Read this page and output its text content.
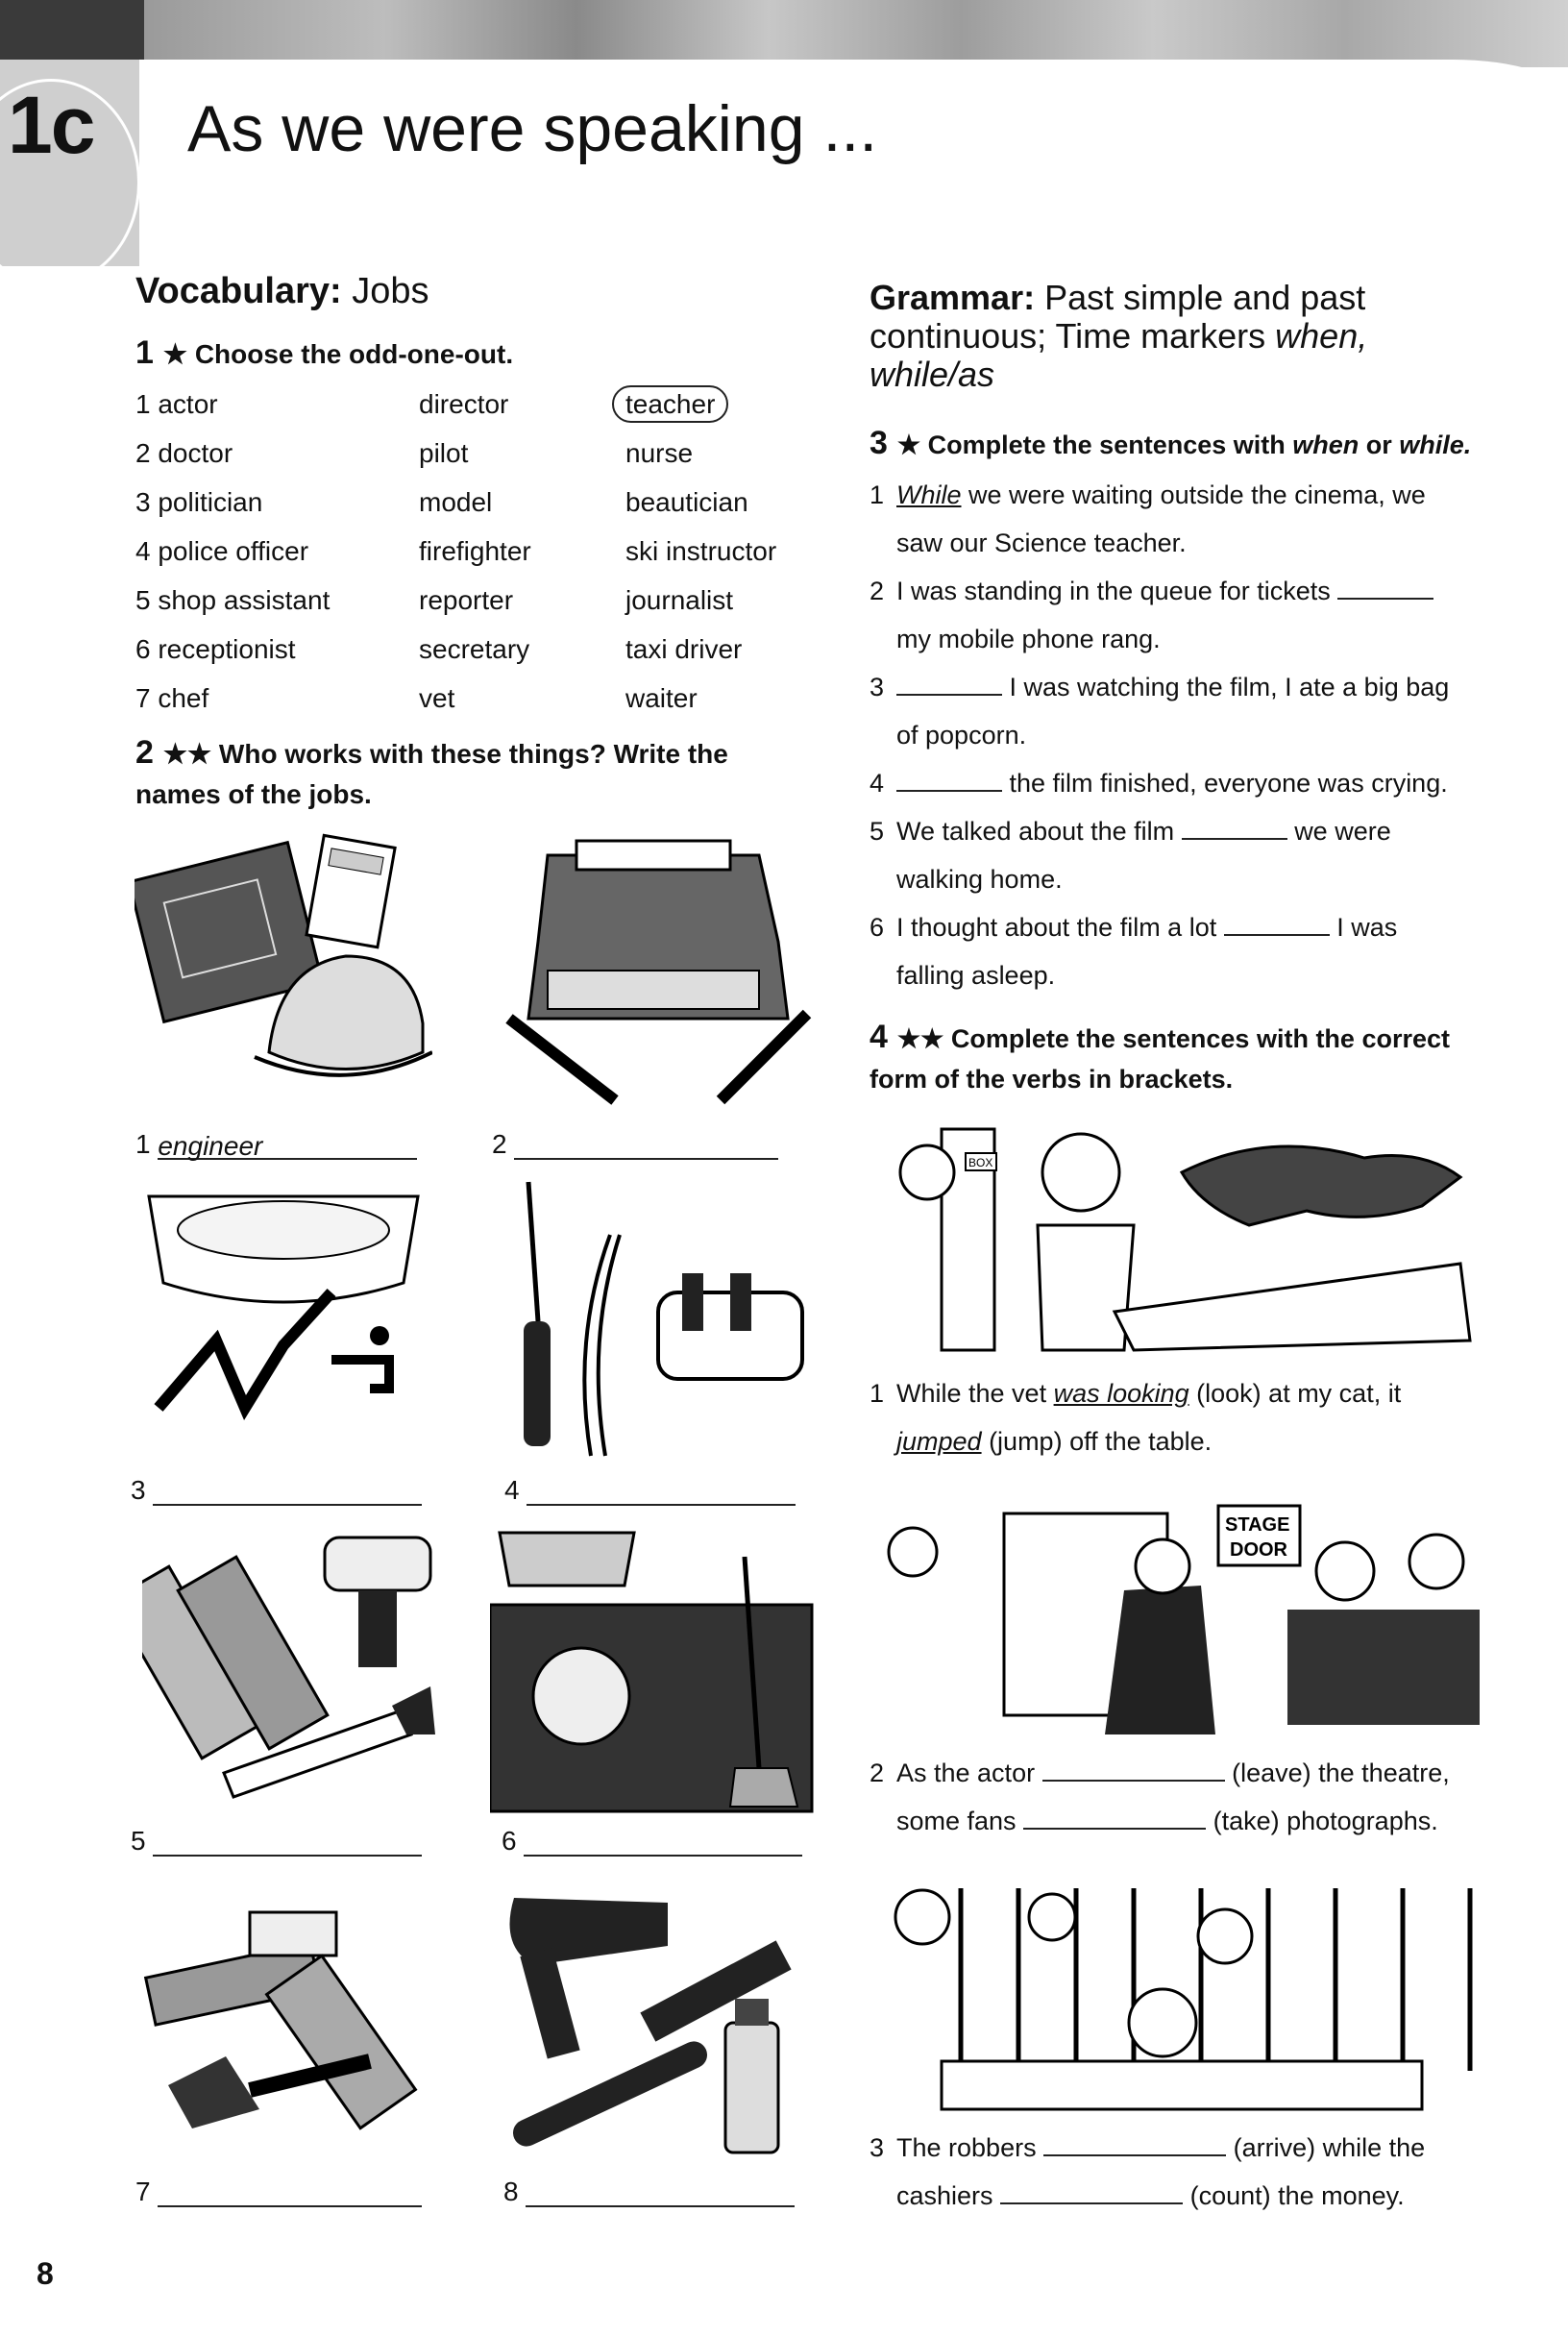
1c As we were speaking ...
Vocabulary: Jobs
1 ★ Choose the odd-one-out.
1 actor	director	teacher
2 doctor	pilot	nurse
3 politician	model	beautician
4 police officer	firefighter	ski instructor
5 shop assistant	reporter	journalist
6 receptionist	secretary	taxi driver
7 chef	vet	waiter
2 ★★ Who works with these things? Write the names of the jobs.
1 engineer	2
3	4
5	6
7	8
Grammar: Past simple and past continuous; Time markers when, while/as
3 ★ Complete the sentences with when or while.
1 While we were waiting outside the cinema, we
saw our Science teacher.
2 I was standing in the queue for tickets
my mobile phone rang.
3	I was watching the film, I ate a big bag
of popcorn.
4	the film finished, everyone was crying.
5 We talked about the film	we were
walking home.
6 I thought about the film a lot	I was
falling asleep.
4 ★★ Complete the sentences with the correct form of the verbs in brackets.
BOX
1 While the vet was looking (look) at my cat, it
jumped (jump) off the table.
STAGE
DOOR
2 As the actor	(leave) the theatre,
some fans	(take) photographs.
3 The robbers	(arrive) while the
cashiers	(count) the money.
8
